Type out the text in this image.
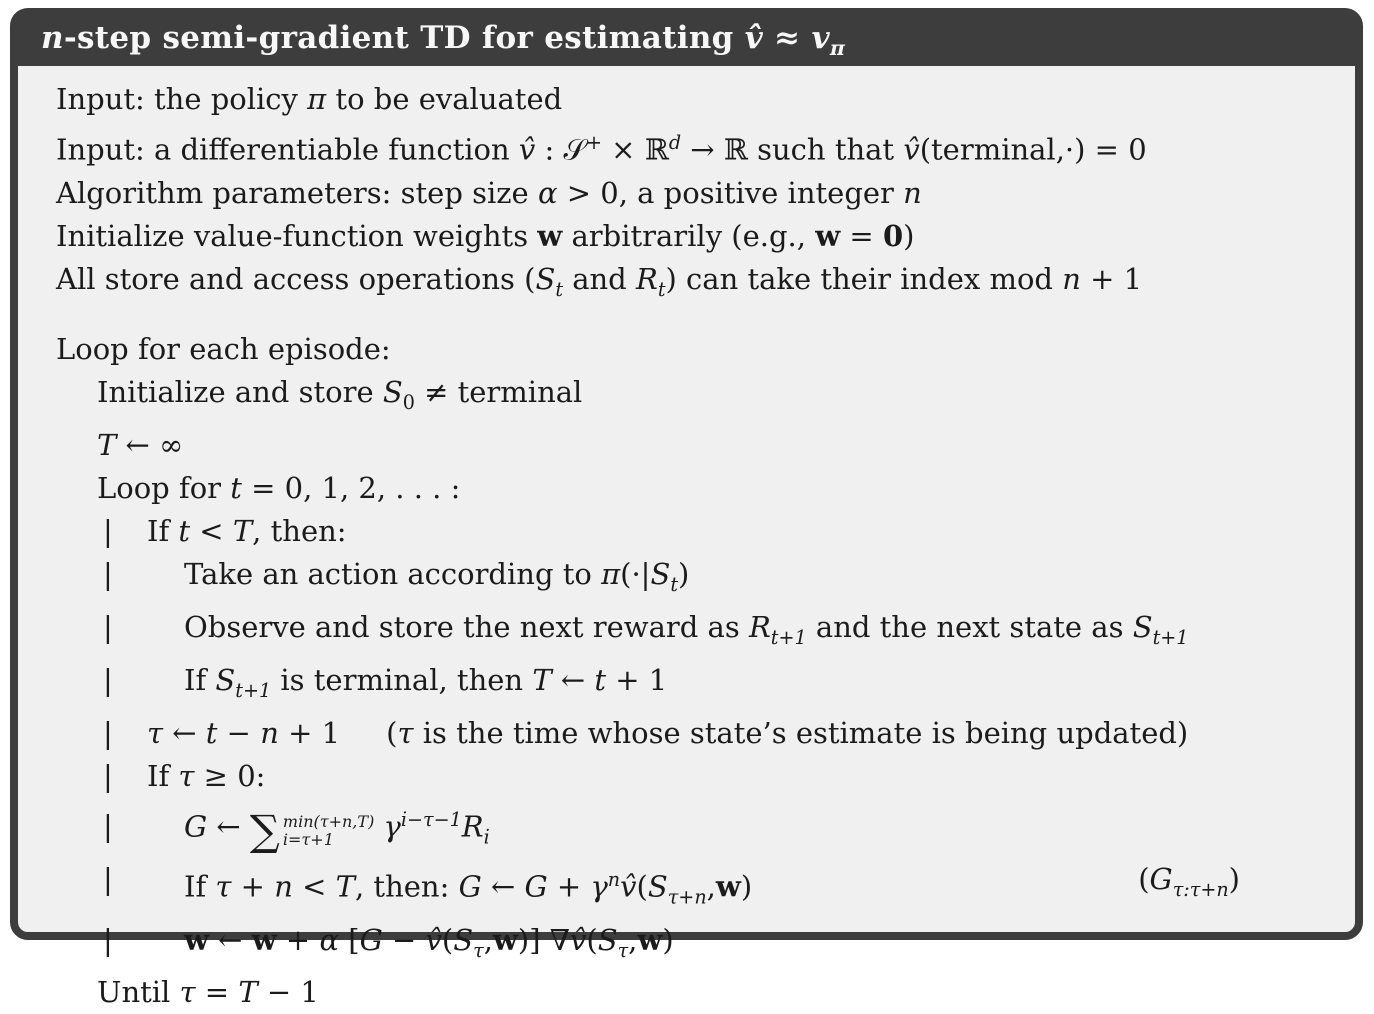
n-step semi-gradient TD for estimating v̂ ≈ $v_\pi$
Input: the policy π to be evaluated
Input: a differentiable function v̂ : 𝒮+ × ℝ$^d$ → ℝ such that v̂(terminal,·) = 0
Algorithm parameters: step size α > 0, a positive integer n
Initialize value-function weights w arbitrarily (e.g., w = 0)
All store and access operations ($S_t$ and $R_t$) can take their index mod n + 1
Loop for each episode:
Initialize and store $S_0$ ≠ terminal
T ← ∞
Loop for t = 0, 1, 2, . . . :
| If t < T, then:
| Take an action according to $\pi(\cdot|S_t)$
| Observe and store the next reward as $R_{t+1}$ and the next state as $S_{t+1}$
| If $S_{t+1}$ is terminal, then T ← t + 1
| τ ← t − n + 1     (τ is the time whose state’s estimate is being updated)
| If τ ≥ 0:
| G ← ∑ min(τ+n,T)
i=τ+1	$\gamma^{i-\tau-1}R_i$
|	If τ + n < T, then: G ← $G + \gamma^nv̂(S_{\tau+n},w)$	$(G_{\tau:\tau+n})$
| w ← w + α $[G - v̂(S_\tau,w)]$ $\nabla v̂(S_\tau,w)$
Until τ = T − 1
